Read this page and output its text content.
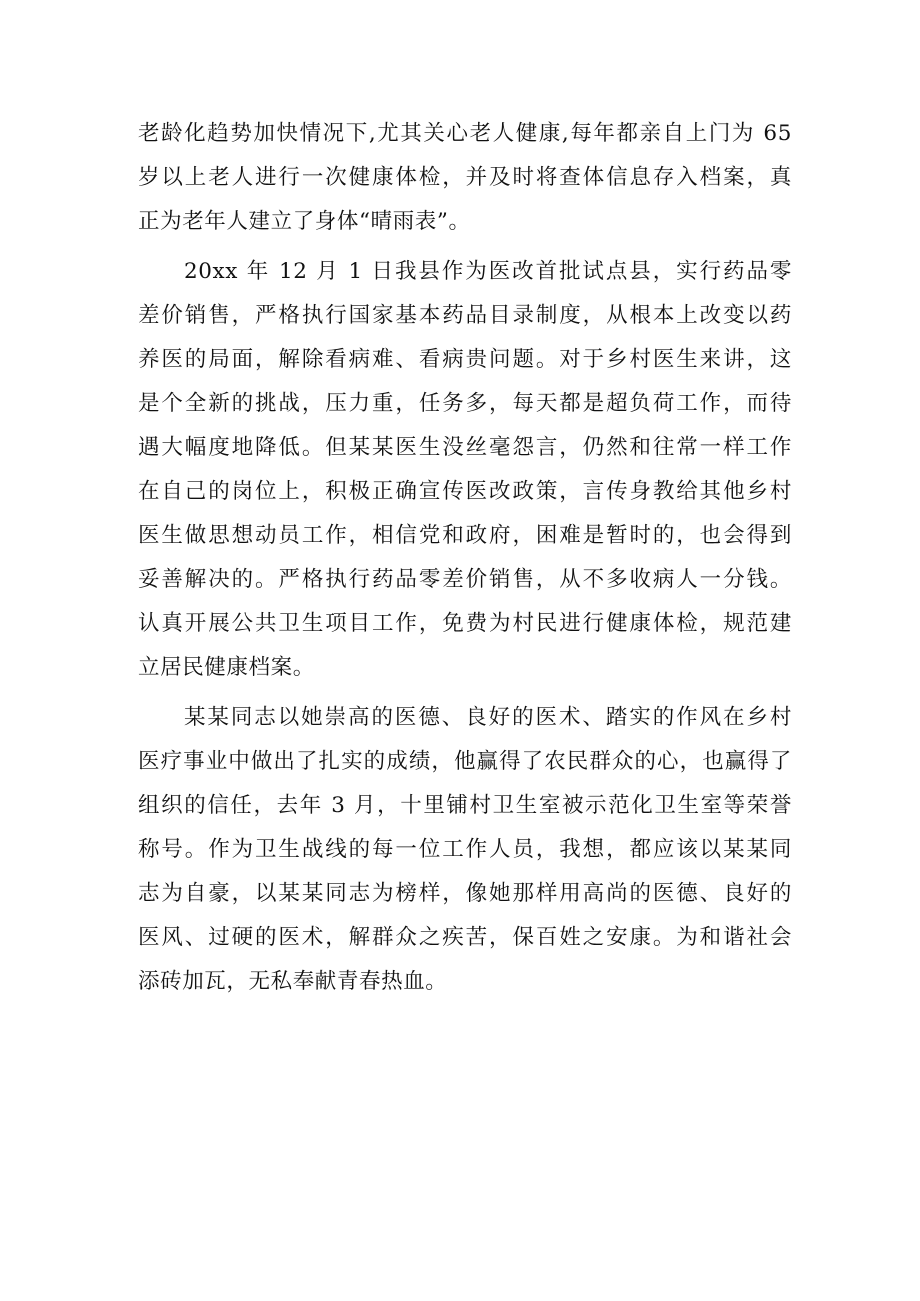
老龄化趋势加快情况下,尤其关心老人健康,每年都亲自上门为 65
岁以上老人进行一次健康体检，并及时将查体信息存入档案，真
正为老年人建立了身体“晴雨表”。

20xx 年 12 月 1 日我县作为医改首批试点县，实行药品零
差价销售，严格执行国家基本药品目录制度，从根本上改变以药
养医的局面，解除看病难、看病贵问题。对于乡村医生来讲，这
是个全新的挑战，压力重，任务多，每天都是超负荷工作，而待
遇大幅度地降低。但某某医生没丝毫怨言，仍然和往常一样工作
在自己的岗位上，积极正确宣传医改政策，言传身教给其他乡村
医生做思想动员工作，相信党和政府，困难是暂时的，也会得到
妥善解决的。严格执行药品零差价销售，从不多收病人一分钱。
认真开展公共卫生项目工作，免费为村民进行健康体检，规范建
立居民健康档案。

某某同志以她崇高的医德、良好的医术、踏实的作风在乡村
医疗事业中做出了扎实的成绩，他赢得了农民群众的心，也赢得了
组织的信任，去年 3 月，十里铺村卫生室被示范化卫生室等荣誉
称号。作为卫生战线的每一位工作人员，我想，都应该以某某同
志为自豪，以某某同志为榜样，像她那样用高尚的医德、良好的
医风、过硬的医术，解群众之疾苦，保百姓之安康。为和谐社会
添砖加瓦，无私奉献青春热血。
